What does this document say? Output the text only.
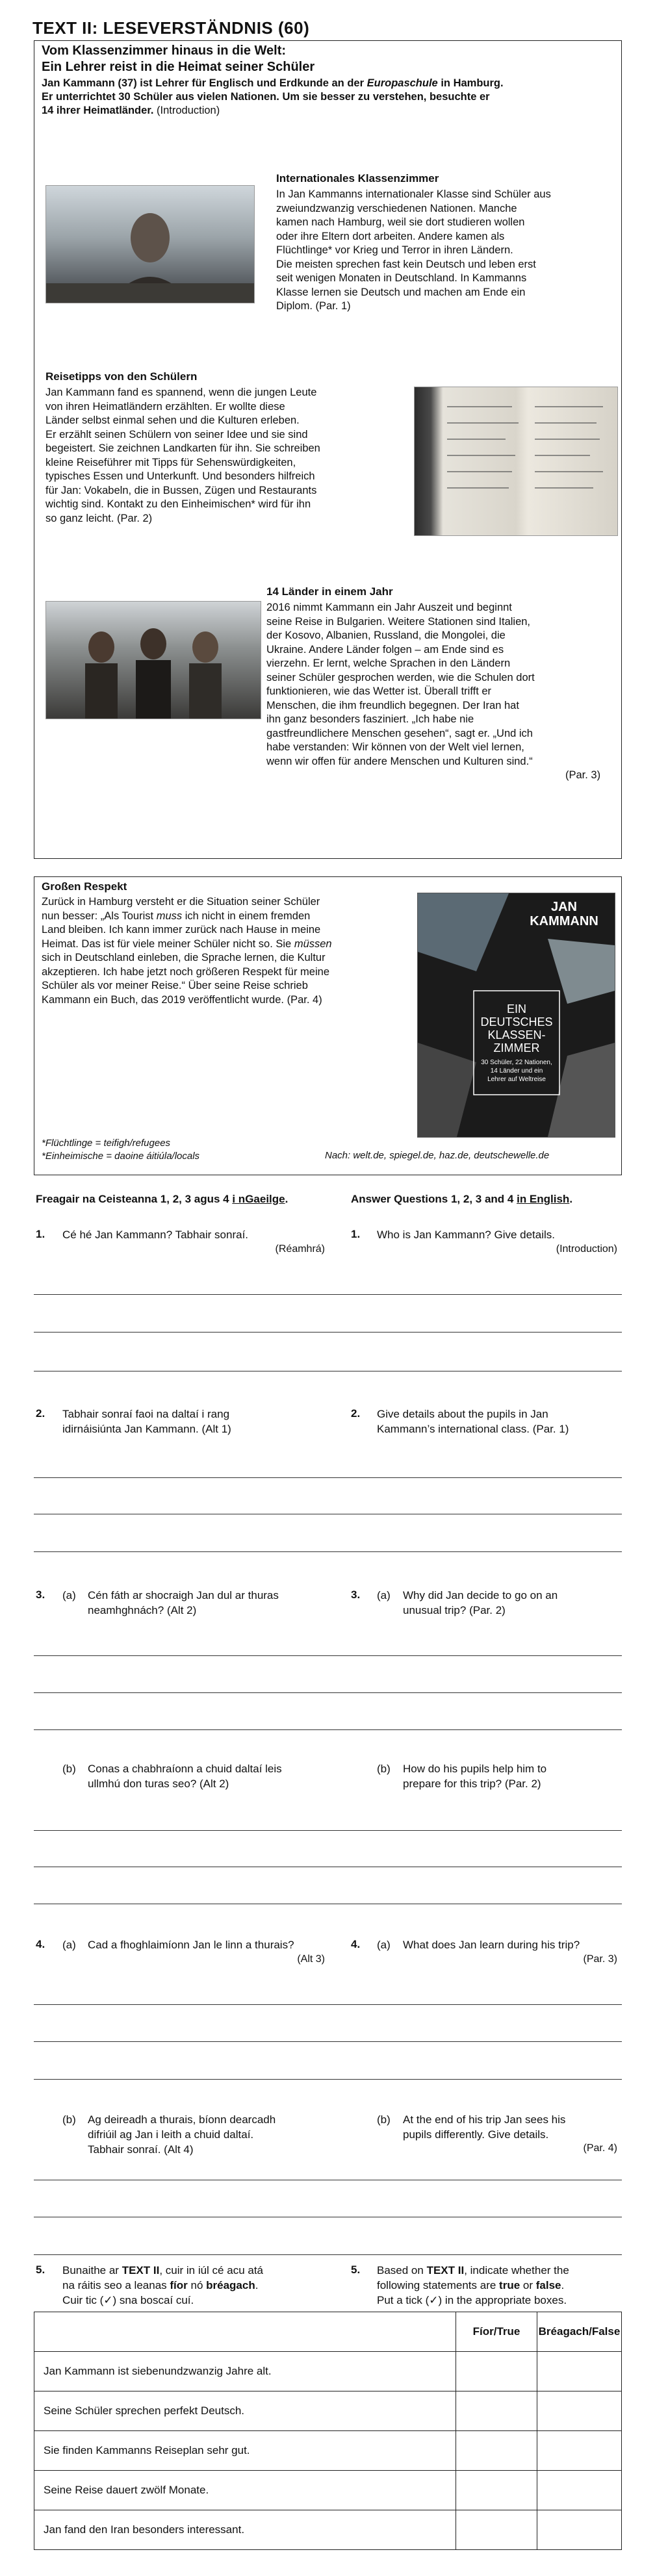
TEXT II: LESEVERSTÄNDNIS (60)
Vom Klassenzimmer hinaus in die Welt:
Ein Lehrer reist in die Heimat seiner Schüler
Jan Kammann (37) ist Lehrer für Englisch und Erdkunde an der Europaschule in Hamburg.
Er unterrichtet 30 Schüler aus vielen Nationen. Um sie besser zu verstehen, besuchte er
14 ihrer Heimatländer. (Introduction)
Internationales Klassenzimmer
In Jan Kammanns internationaler Klasse sind Schüler aus
zweiundzwanzig verschiedenen Nationen. Manche
kamen nach Hamburg, weil sie dort studieren wollen
oder ihre Eltern dort arbeiten. Andere kamen als
Flüchtlinge* vor Krieg und Terror in ihren Ländern.
Die meisten sprechen fast kein Deutsch und leben erst
seit wenigen Monaten in Deutschland. In Kammanns
Klasse lernen sie Deutsch und machen am Ende ein
Diplom. (Par. 1)
Reisetipps von den Schülern
Jan Kammann fand es spannend, wenn die jungen Leute
von ihren Heimatländern erzählten. Er wollte diese
Länder selbst einmal sehen und die Kulturen erleben.
Er erzählt seinen Schülern von seiner Idee und sie sind
begeistert. Sie zeichnen Landkarten für ihn. Sie schreiben
kleine Reiseführer mit Tipps für Sehenswürdigkeiten,
typisches Essen und Unterkunft. Und besonders hilfreich
für Jan: Vokabeln, die in Bussen, Zügen und Restaurants
wichtig sind. Kontakt zu den Einheimischen* wird für ihn
so ganz leicht. (Par. 2)
14 Länder in einem Jahr
2016 nimmt Kammann ein Jahr Auszeit und beginnt
seine Reise in Bulgarien. Weitere Stationen sind Italien,
der Kosovo, Albanien, Russland, die Mongolei, die
Ukraine. Andere Länder folgen – am Ende sind es
vierzehn. Er lernt, welche Sprachen in den Ländern
seiner Schüler gesprochen werden, wie die Schulen dort
funktionieren, wie das Wetter ist. Überall trifft er
Menschen, die ihm freundlich begegnen. Der Iran hat
ihn ganz besonders fasziniert. „Ich habe nie
gastfreundlichere Menschen gesehen“, sagt er. „Und ich
habe verstanden: Wir können von der Welt viel lernen,
wenn wir offen für andere Menschen und Kulturen sind.“
(Par. 3)
Großen Respekt
Zurück in Hamburg versteht er die Situation seiner Schüler
nun besser: „Als Tourist muss ich nicht in einem fremden
Land bleiben. Ich kann immer zurück nach Hause in meine
Heimat. Das ist für viele meiner Schüler nicht so. Sie müssen
sich in Deutschland einleben, die Sprache lernen, die Kultur
akzeptieren. Ich habe jetzt noch größeren Respekt für meine
Schüler als vor meiner Reise.“ Über seine Reise schrieb
Kammann ein Buch, das 2019 veröffentlicht wurde. (Par. 4)
JAN
KAMMANN
EIN
DEUTSCHES
KLASSEN-
ZIMMER
30 Schüler, 22 Nationen,
14 Länder und ein
Lehrer auf Weltreise
*Flüchtlinge = teifigh/refugees
*Einheimische = daoine áitiúla/locals	Nach: welt.de, spiegel.de, haz.de, deutschewelle.de
Freagair na Ceisteanna 1, 2, 3 agus 4 i nGaeilge.	Answer Questions 1, 2, 3 and 4 in English.
1. Cé hé Jan Kammann? Tabhair sonraí.
(Réamhrá)
1. Who is Jan Kammann? Give details.
(Introduction)
2. Tabhair sonraí faoi na daltaí i rang
idirnáisiúnta Jan Kammann. (Alt 1)
2. Give details about the pupils in Jan
Kammann’s international class. (Par. 1)
3. (a) Cén fáth ar shocraigh Jan dul ar thuras
neamhghnách? (Alt 2)
3. (a) Why did Jan decide to go on an
unusual trip? (Par. 2)
(b) Conas a chabhraíonn a chuid daltaí leis
ullmhú don turas seo? (Alt 2)
(b) How do his pupils help him to
prepare for this trip? (Par. 2)
4. (a) Cad a fhoghlaimíonn Jan le linn a thurais?
(Alt 3)
4. (a) What does Jan learn during his trip?
(Par. 3)
(b) Ag deireadh a thurais, bíonn dearcadh
difriúil ag Jan i leith a chuid daltaí.
Tabhair sonraí. (Alt 4)
(b) At the end of his trip Jan sees his
pupils differently. Give details.
(Par. 4)
5. Bunaithe ar TEXT II, cuir in iúl cé acu atá
na ráitis seo a leanas fíor nó bréagach.
Cuir tic (✓) sna boscaí cuí.
5. Based on TEXT II, indicate whether the
following statements are true or false.
Put a tick (✓) in the appropriate boxes.
	Fíor/True	Bréagach/False
Jan Kammann ist siebenundzwanzig Jahre alt.		
Seine Schüler sprechen perfekt Deutsch.		
Sie finden Kammanns Reiseplan sehr gut.		
Seine Reise dauert zwölf Monate.		
Jan fand den Iran besonders interessant.		
